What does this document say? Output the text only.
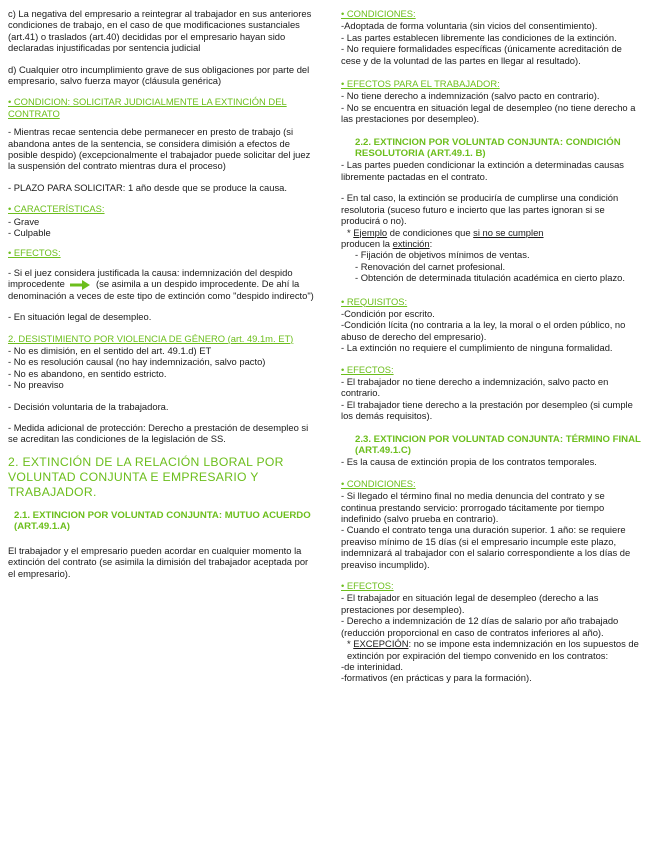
c) La negativa del empresario a reintegrar al trabajador en sus anteriores condiciones de trabajo, en el caso de que modificaciones sustanciales (art.41) o traslados (art.40) decididas por el empresario hayan sido declaradas injustificadas por sentencia judicial

d) Cualquier otro incumplimiento grave de sus obligaciones por parte del empresario, salvo fuerza mayor (cláusula genérica)

• CONDICION: SOLICITAR JUDICIALMENTE LA EXTINCIÓN DEL CONTRATO

- Mientras recae sentencia debe permanecer en presto de trabajo (si abandona antes de la sentencia, se considera dimisión a efectos de posible despido) (excepcionalmente el trabajador puede solicitar del juez la suspensión del contrato mientras dura el proceso)

- PLAZO PARA SOLICITAR: 1 año desde que se produce la causa.

• CARACTERÍSTICAS:

- Grave

- Culpable

• EFECTOS:

- Si el juez considera justificada la causa: indemnización del despido improcedente	(se asimila a un despido improcedente. De ahí la denominación a veces de este tipo de extinción como "despido indirecto")

- En situación legal de desempleo.

2. DESISTIMIENTO POR VIOLENCIA DE GÉNERO (art. 49.1m. ET)

- No es dimisión, en el sentido del art. 49.1.d) ET

- No es resolución causal (no hay indemnización, salvo pacto)

- No es abandono, en sentido estricto.

- No preaviso

- Decisión voluntaria de la trabajadora.

- Medida adicional de protección: Derecho a prestación de desempleo si se acreditan las condiciones de la legislación de SS.

2. EXTINCIÓN DE LA RELACIÓN LBORAL POR VOLUNTAD CONJUNTA E EMPRESARIO Y TRABAJADOR.

2.1. EXTINCION POR VOLUNTAD CONJUNTA: MUTUO ACUERDO (ART.49.1.A)

El trabajador y el empresario pueden acordar en cualquier momento la extinción del contrato (se asimila la dimisión del trabajador aceptada por el empresario).

• CONDICIONES:

-Adoptada de forma voluntaria (sin vicios del consentimiento).

- Las partes establecen libremente las condiciones de la extinción.

- No requiere formalidades específicas (únicamente acreditación de cese y de la voluntad de las partes en llegar al resultado).

• EFECTOS PARA EL TRABAJADOR:

- No tiene derecho a indemnización (salvo pacto en contrario).

- No se encuentra en situación legal de desempleo (no tiene derecho a las prestaciones por desempleo).

2.2. EXTINCION POR VOLUNTAD CONJUNTA: CONDICIÓN RESOLUTORIA (ART.49.1. B)

- Las partes pueden condicionar la extinción a determinadas causas libremente pactadas en el contrato.

- En tal caso, la extinción se produciría de cumplirse una condición resolutoria (suceso futuro e incierto que las partes ignoran si se producirá o no).

* Ejemplo de condiciones que si no se cumplen

producen la extinción:

- Fijación de objetivos mínimos de ventas.

- Renovación del carnet profesional.

- Obtención de determinada titulación académica en cierto plazo.

• REQUISITOS:

-Condición por escrito.

-Condición lícita (no contraria a la ley, la moral o el orden público, no abuso de derecho del empresario).

- La extinción no requiere el cumplimiento de ninguna formalidad.

• EFECTOS:

- El trabajador no tiene derecho a indemnización, salvo pacto en contrario.

- El trabajador tiene derecho a la prestación por desempleo (si cumple los demás requisitos).

2.3. EXTINCION POR VOLUNTAD CONJUNTA: TÉRMINO FINAL (ART.49.1.C)

- Es la causa de extinción propia de los contratos temporales.

• CONDICIONES:

- Si llegado el término final no media denuncia del contrato y se continua prestando servicio: prorrogado tácitamente por tiempo indefinido (salvo prueba en contrario).

- Cuando el contrato tenga una duración superior. 1 año: se requiere preaviso mínimo de 15 días (si el empresario incumple este plazo, indemnizará al trabajador con el salario correspondiente a los días de preaviso incumplido).

• EFECTOS:

- El trabajador en situación legal de desempleo (derecho a las prestaciones por desempleo).

- Derecho a indemnización de 12 días de salario por año trabajado (reducción proporcional en caso de contratos inferiores al año).

* EXCEPCIÓN: no se impone esta indemnización en los supuestos de extinción por expiración del tiempo convenido en los contratos:

-de interinidad.

-formativos (en prácticas y para la formación).
